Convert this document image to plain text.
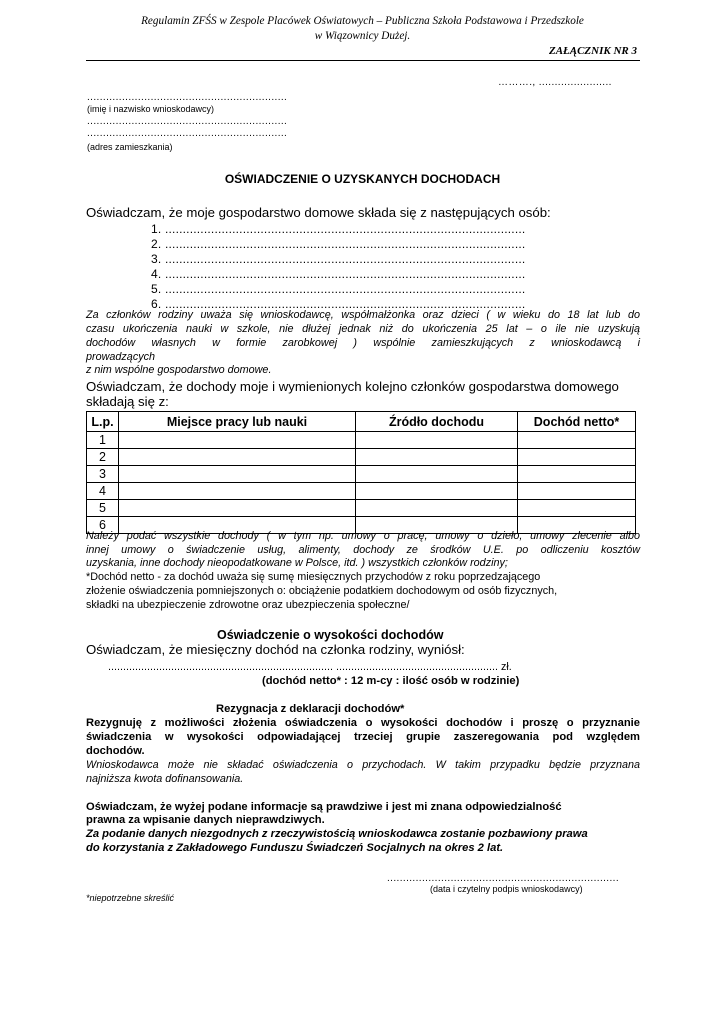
Regulamin ZFŚS w Zespole Placówek Oświatowych – Publiczna Szkoła Podstawowa i Przedszkole
w Wiązownicy Dużej.
ZAŁĄCZNIK NR 3
………., .......................
...............................................................
(imię i nazwisko wnioskodawcy)
...............................................................
...............................................................
(adres zamieszkania)
OŚWIADCZENIE O UZYSKANYCH DOCHODACH
Oświadczam, że moje gospodarstwo domowe składa się z następujących osób:
1. ......................................................................................................
2. ......................................................................................................
3. ......................................................................................................
4. ......................................................................................................
5. ......................................................................................................
6. ......................................................................................................
Za członków rodziny uważa się wnioskodawcę, współmałżonka oraz dzieci ( w wieku do 18 lat lub do
czasu ukończenia nauki w szkole, nie dłużej jednak niż do ukończenia 25 lat – o ile nie uzyskują
dochodów własnych w formie zarobkowej ) wspólnie zamieszkujących z wnioskodawcą i
prowadzących
z nim wspólne gospodarstwo domowe.
Oświadczam, że dochody moje i wymienionych kolejno członków gospodarstwa domowego
składają się z:
L.p.	Miejsce pracy lub nauki	Źródło dochodu	Dochód netto*
1			
2			
3			
4			
5			
6			
Należy podać wszystkie dochody ( w tym np. umowy o pracę, umowy o dzieło, umowy zlecenie albo
innej umowy o świadczenie usług, alimenty, dochody ze środków U.E. po odliczeniu kosztów
uzyskania, inne dochody nieopodatkowane w Polsce, itd. ) wszystkich członków rodziny;
*Dochód netto - za dochód uważa się sumę miesięcznych przychodów z roku poprzedzającego
złożenie oświadczenia pomniejszonych o: obciążenie podatkiem dochodowym od osób fizycznych,
składki na ubezpieczenie zdrowotne oraz ubezpieczenia społeczne/
Oświadczenie o wysokości dochodów
Oświadczam, że miesięczny dochód na członka rodziny, wyniósł:
........................................................................... ...................................................... zł.
(dochód netto* : 12 m-cy : ilość osób w rodzinie)
Rezygnacja z deklaracji dochodów*
Rezygnuję z możliwości złożenia oświadczenia o wysokości dochodów i proszę o przyznanie
świadczenia w wysokości odpowiadającej trzeciej grupie zaszeregowania pod względem
dochodów.
Wnioskodawca może nie składać oświadczenia o przychodach. W takim przypadku będzie przyznana
najniższa kwota dofinansowania.
Oświadczam, że wyżej podane informacje są prawdziwe i jest mi znana odpowiedzialność
prawna za wpisanie danych nieprawdziwych.
Za podanie danych niezgodnych z rzeczywistością wnioskodawca zostanie pozbawiony prawa
do korzystania z Zakładowego Funduszu Świadczeń Socjalnych na okres 2 lat.
.........................................................................
(data i czytelny podpis wnioskodawcy)
*niepotrzebne skreślić
